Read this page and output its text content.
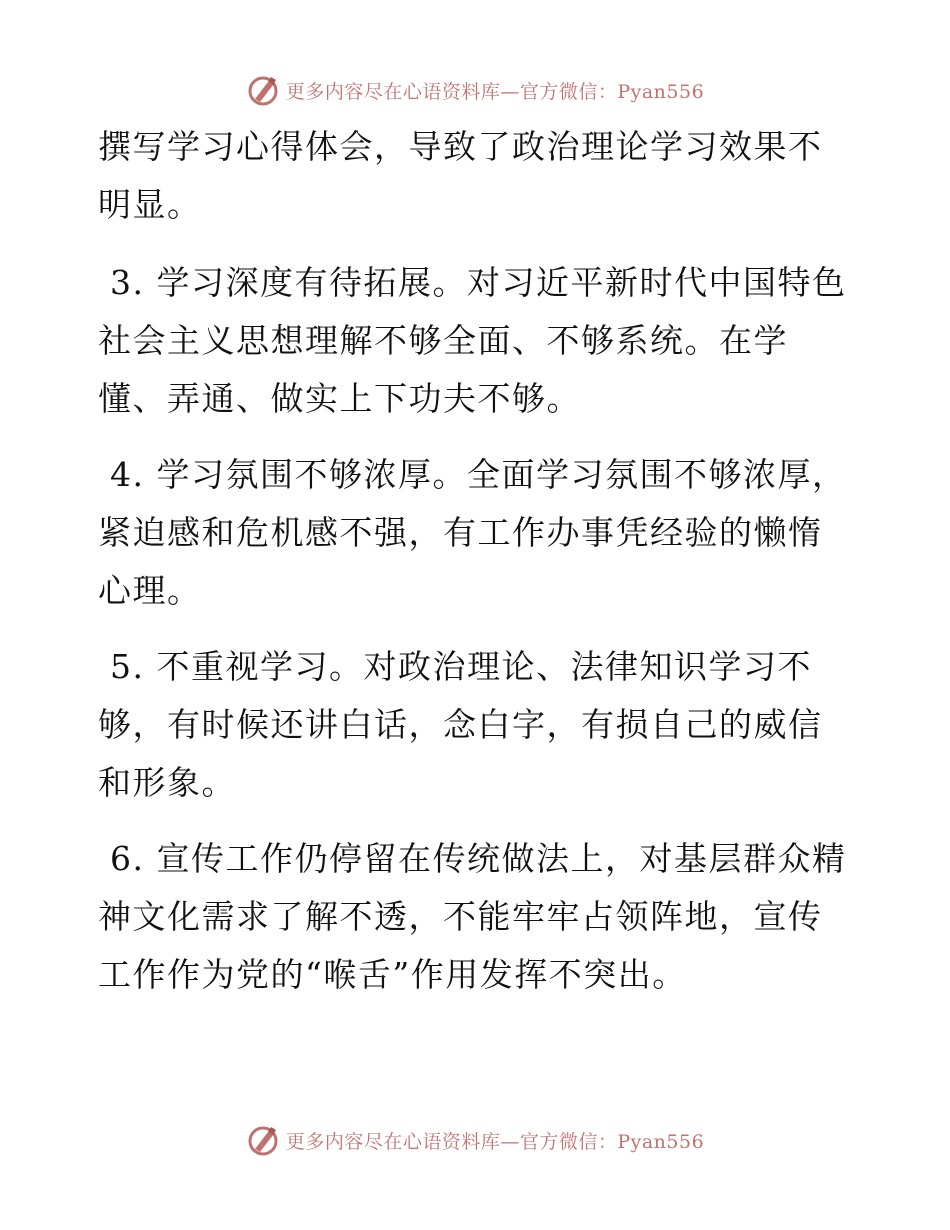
更多内容尽在心语资料库—官方微信：Pyan556

撰写学习心得体会，导致了政治理论学习效果不明显。

3. 学习深度有待拓展。对习近平新时代中国特色社会主义思想理解不够全面、不够系统。在学懂、弄通、做实上下功夫不够。

4. 学习氛围不够浓厚。全面学习氛围不够浓厚，紧迫感和危机感不强，有工作办事凭经验的懒惰心理。

5. 不重视学习。对政治理论、法律知识学习不够，有时候还讲白话，念白字，有损自己的威信和形象。

6. 宣传工作仍停留在传统做法上，对基层群众精神文化需求了解不透，不能牢牢占领阵地，宣传工作作为党的“喉舌”作用发挥不突出。

更多内容尽在心语资料库—官方微信：Pyan556
